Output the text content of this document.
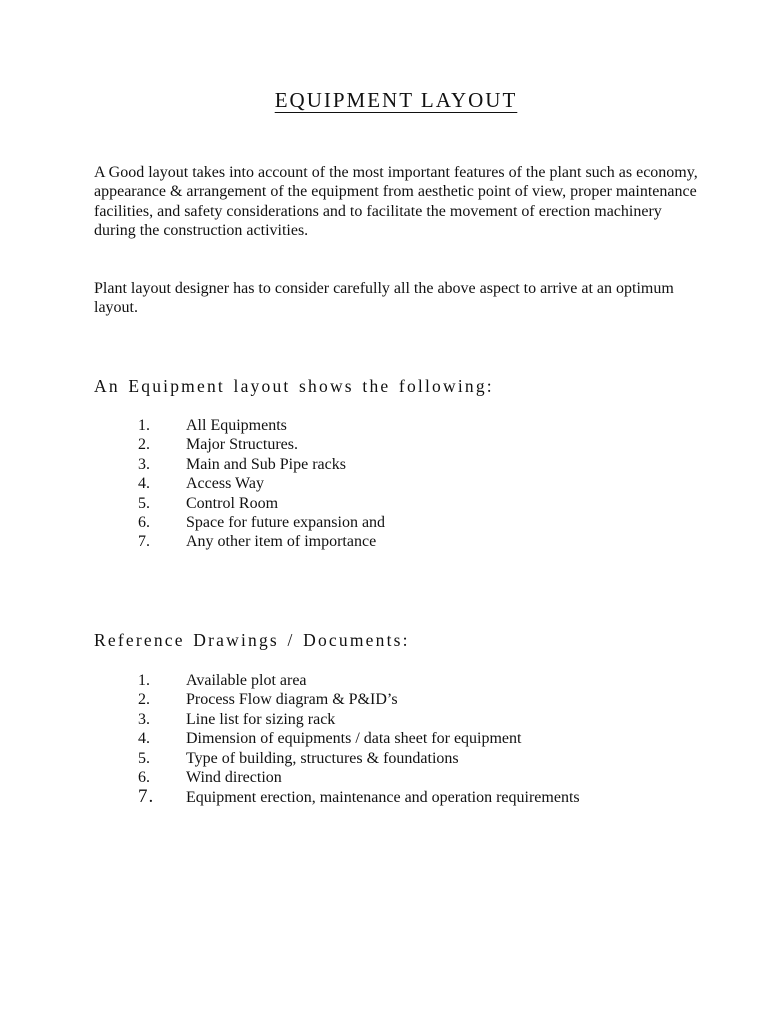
EQUIPMENT LAYOUT

A Good layout takes into account of the most important features of the plant such as economy, appearance & arrangement of the equipment from aesthetic point of view, proper maintenance facilities, and safety considerations and to facilitate the movement of erection machinery during the construction activities.

Plant layout designer has to consider carefully all the above aspect to arrive at an optimum layout.

An Equipment layout shows the following:

1. All Equipments
2. Major Structures.
3. Main and Sub Pipe racks
4. Access Way
5. Control Room
6. Space for future expansion and
7. Any other item of importance

Reference Drawings / Documents:

1. Available plot area
2. Process Flow diagram & P&ID’s
3. Line list for sizing rack
4. Dimension of equipments / data sheet for equipment
5. Type of building, structures & foundations
6. Wind direction
7. Equipment erection, maintenance and operation requirements
